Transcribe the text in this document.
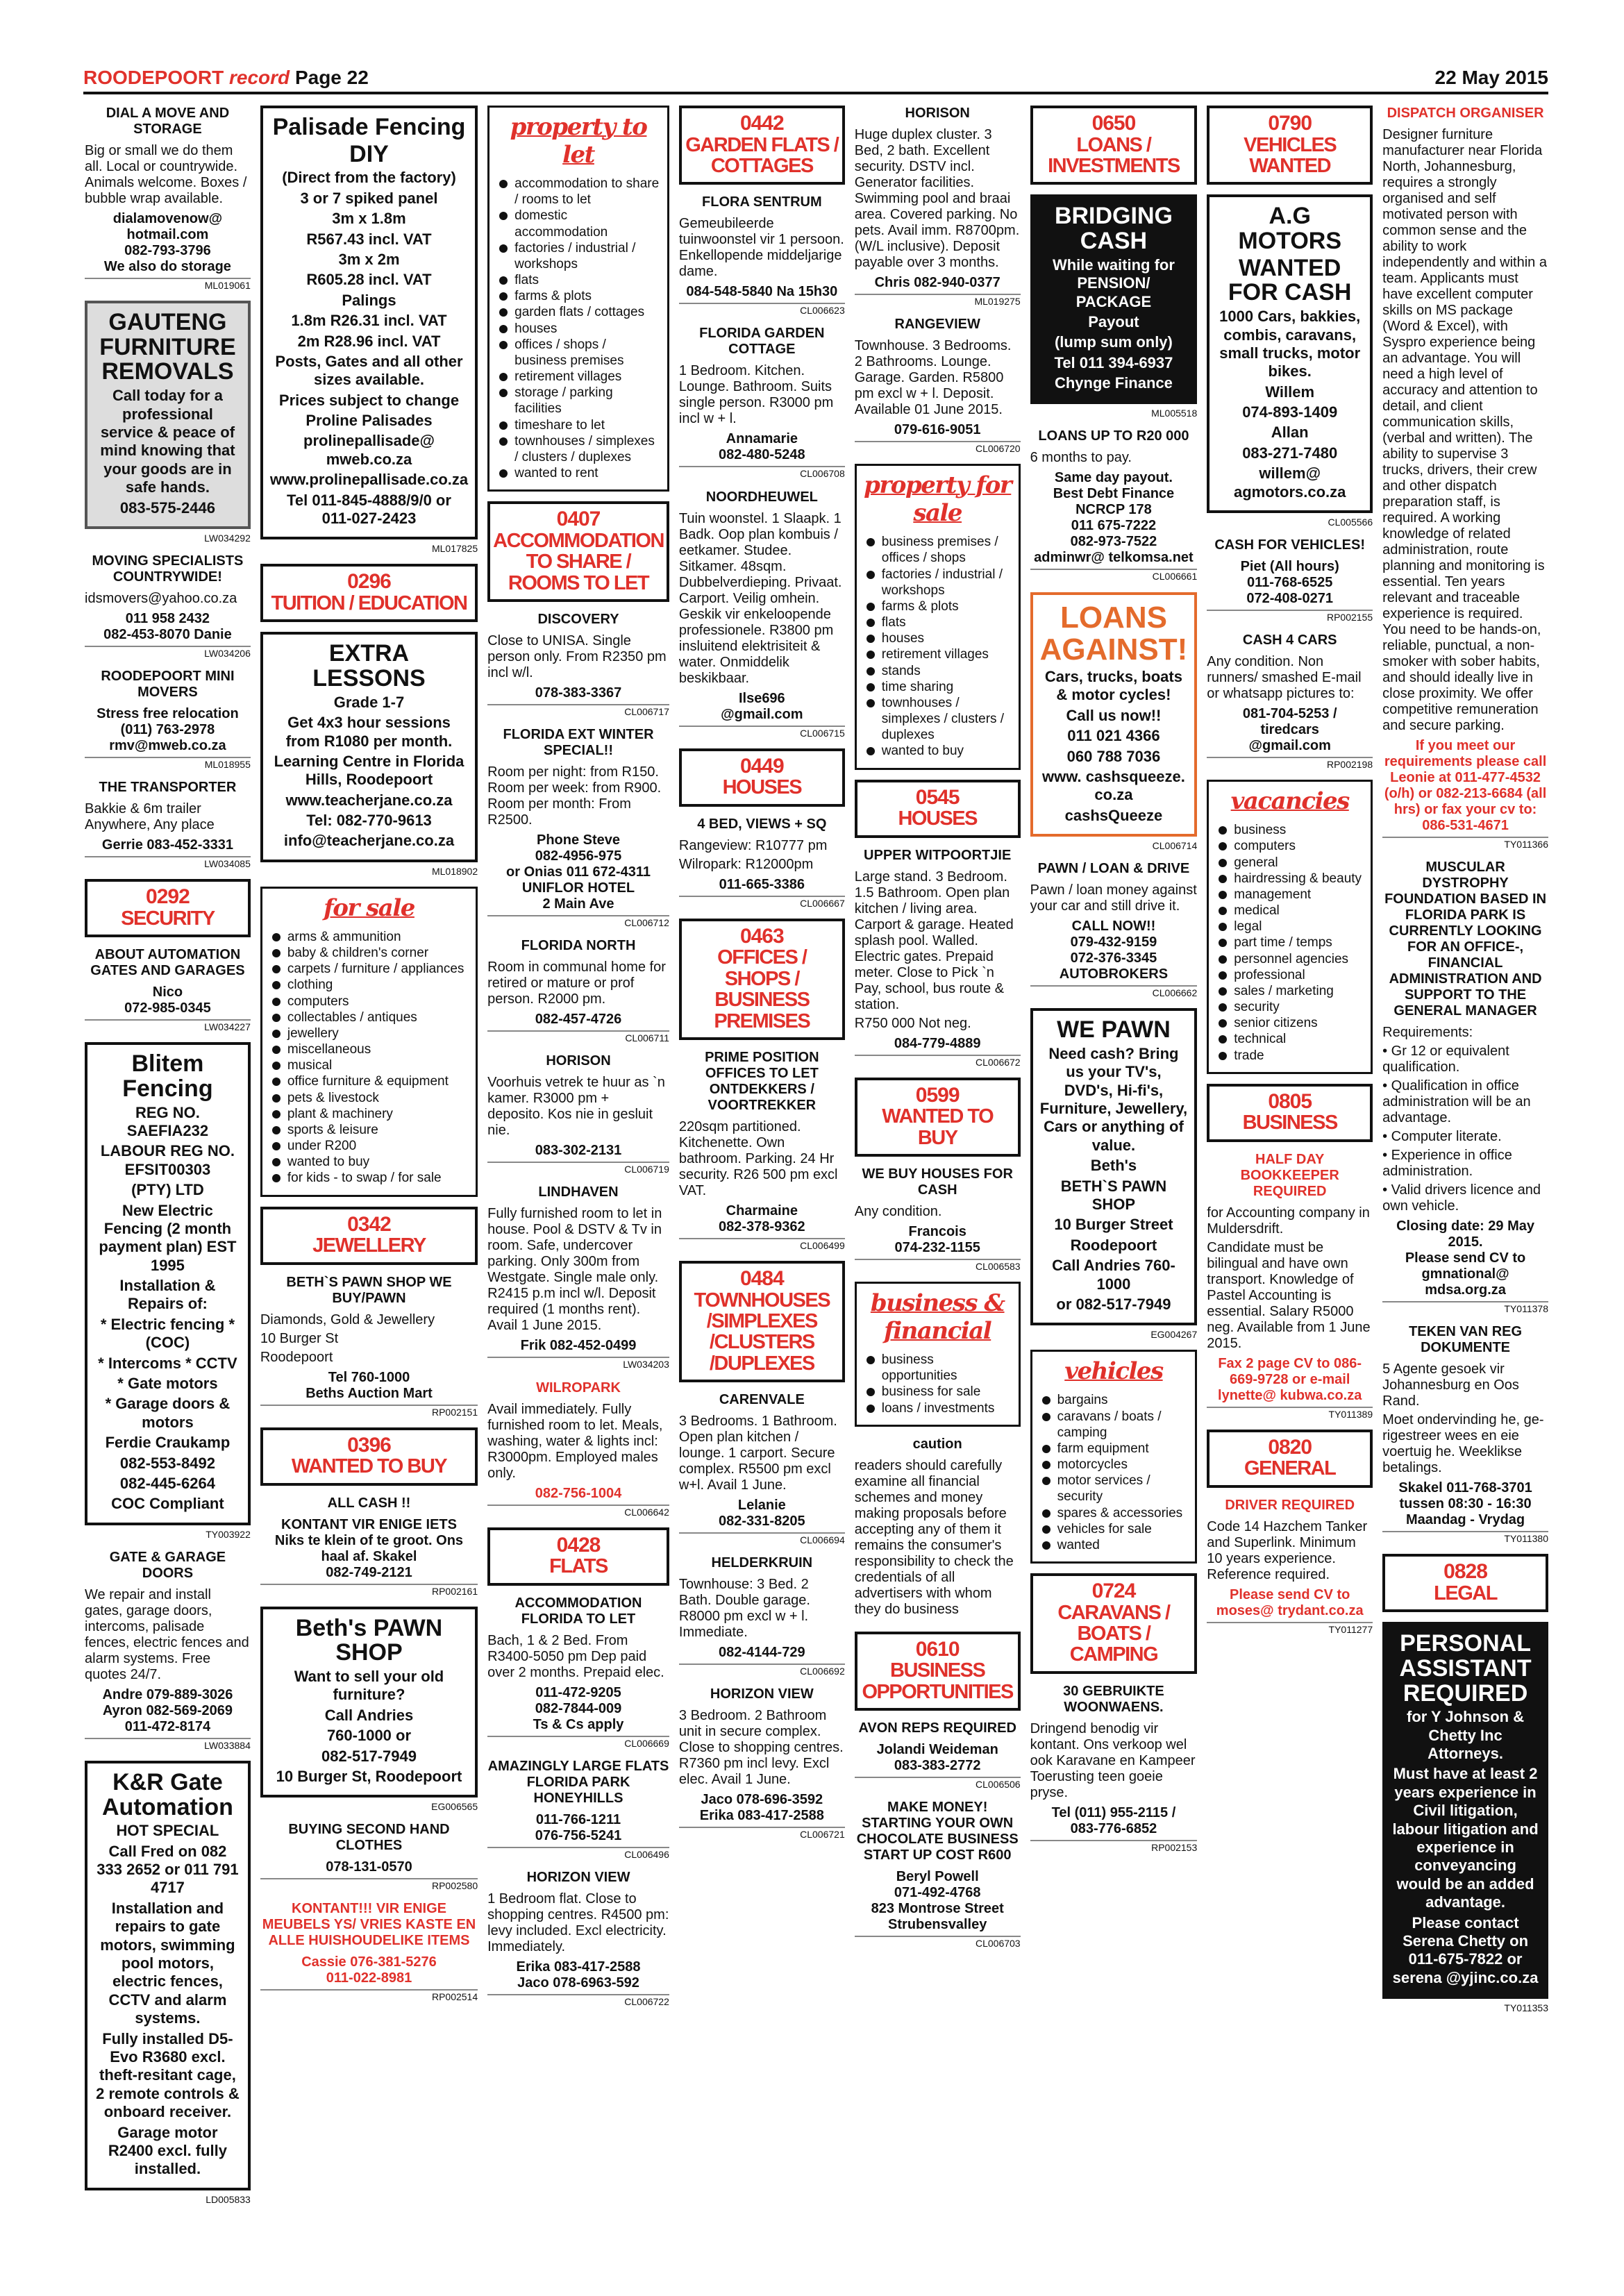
ROODEPOORT record Page 22	22 May 2015
DIAL A MOVE AND STORAGE

Big or small we do them all. Local or countrywide. Animals welcome. Boxes / bubble wrap available.

dialamovenow@ hotmail.com
082-793-3796
We also do storage
ML019061
GAUTENG FURNITURE REMOVALS
Call today for a professional service & peace of mind knowing that your goods are in safe hands.
083-575-2446
LW034292
MOVING SPECIALISTS COUNTRYWIDE!

idsmovers@yahoo.co.za

011 958 2432
082-453-8070 Danie
LW034206
ROODEPOORT MINI MOVERS
Stress free relocation
(011) 763-2978
rmv@mweb.co.za
ML018955
THE TRANSPORTER

Bakkie & 6m trailer Anywhere, Any place

Gerrie 083-452-3331
LW034085
0292
SECURITY
ABOUT AUTOMATION GATES AND GARAGES
Nico
072-985-0345
LW034227
Blitem Fencing
REG NO. SAEFIA232
LABOUR REG NO. EFSIT00303
(PTY) LTD
New Electric Fencing (2 month payment plan) EST 1995
Installation & Repairs of:
* Electric fencing * (COC)
* Intercoms * CCTV
* Gate motors
* Garage doors & motors
Ferdie Craukamp
082-553-8492
082-445-6264
COC Compliant
TY003922
GATE & GARAGE DOORS

We repair and install gates, garage doors, intercoms, palisade fences, electric fences and alarm systems. Free quotes 24/7.

Andre 079-889-3026
Ayron 082-569-2069
011-472-8174
LW033884
K&R Gate Automation
HOT SPECIAL
Call Fred on 082 333 2652 or 011 791 4717
Installation and repairs to gate motors, swimming pool motors, electric fences, CCTV and alarm systems.
Fully installed D5-Evo R3680 excl. theft-resitant cage, 2 remote controls & onboard receiver.
Garage motor R2400 excl. fully installed.
LD005833
Palisade Fencing
DIY
(Direct from the factory)
3 or 7 spiked panel
3m x 1.8m
R567.43 incl. VAT
3m x 2m
R605.28 incl. VAT
Palings
1.8m R26.31 incl. VAT
2m R28.96 incl. VAT
Posts, Gates and all other sizes available.
Prices subject to change
Proline Palisades
prolinepallisade@ mweb.co.za
www.prolinepallisade.co.za
Tel 011-845-4888/9/0 or 011-027-2423
ML017825
0296
TUITION / EDUCATION
EXTRA LESSONS
Grade 1-7
Get 4x3 hour sessions from R1080 per month.
Learning Centre in Florida Hills, Roodepoort
www.teacherjane.co.za
Tel: 082-770-9613
info@teacherjane.co.za
ML018902
for sale
arms & ammunition
baby & children's corner
carpets / furniture / appliances
clothing
computers
collectables / antiques
jewellery
miscellaneous
musical
office furniture & equipment
pets & livestock
plant & machinery
sports & leisure
under R200
wanted to buy
for kids - to swap / for sale
0342
JEWELLERY
BETH`S PAWN SHOP WE BUY/PAWN

Diamonds, Gold & Jewellery

10 Burger St

Roodepoort

Tel 760-1000
Beths Auction Mart
RP002151
0396
WANTED TO BUY
ALL CASH !!
KONTANT VIR ENIGE IETS
Niks te klein of te groot. Ons haal af. Skakel
082-749-2121
RP002161
Beth's PAWN SHOP
Want to sell your old furniture?
Call Andries
760-1000 or
082-517-7949
10 Burger St, Roodepoort
EG006565
BUYING SECOND HAND CLOTHES
078-131-0570
RP002580
KONTANT!!! VIR ENIGE MEUBELS YS/ VRIES KASTE EN ALLE HUISHOUDELIKE ITEMS
Cassie 076-381-5276
011-022-8981
RP002514
property to let
accommodation to share / rooms to let
domestic accommodation
factories / industrial / workshops
flats
farms & plots
garden flats / cottages
houses
offices / shops / business premises
retirement villages
storage / parking facilities
timeshare to let
townhouses / simplexes / clusters / duplexes
wanted to rent
0407
ACCOMMODATION TO SHARE / ROOMS TO LET
DISCOVERY

Close to UNISA. Single person only. From R2350 pm incl w/l.

078-383-3367
CL006717
FLORIDA EXT WINTER SPECIAL!!

Room per night: from R150. Room per week: from R900. Room per month: From R2500.

Phone Steve
082-4956-975
or Onias 011 672-4311
UNIFLOR HOTEL
2 Main Ave
CL006712
FLORIDA NORTH

Room in communal home for retired or mature or prof person. R2000 pm.

082-457-4726
CL006711
HORISON

Voorhuis vetrek te huur as `n kamer. R3000 pm + deposito. Kos nie in gesluit nie.

083-302-2131
CL006719
LINDHAVEN

Fully furnished room to let in house. Pool & DSTV & Tv in room. Safe, undercover parking. Only 300m from Westgate. Single male only. R2415 p.m incl w/l. Deposit required (1 months rent). Avail 1 June 2015.

Frik 082-452-0499
LW034203
WILROPARK

Avail immediately. Fully furnished room to let. Meals, washing, water & lights incl: R3000pm. Employed males only.

082-756-1004
CL006642
0428
FLATS
ACCOMMODATION FLORIDA TO LET

Bach, 1 & 2 Bed. From R3400-5050 pm Dep paid over 2 months. Prepaid elec.

011-472-9205
082-7844-009
Ts & Cs apply
CL006669
AMAZINGLY LARGE FLATS FLORIDA PARK HONEYHILLS
011-766-1211
076-756-5241
CL006496
HORIZON VIEW

1 Bedroom flat. Close to shopping centres. R4500 pm: levy included. Excl electricity. Immediately.

Erika 083-417-2588
Jaco 078-6963-592
CL006722
0442
GARDEN FLATS / COTTAGES
FLORA SENTRUM

Gemeubileerde tuinwoonstel vir 1 persoon. Enkellopende middeljarige dame.

084-548-5840 Na 15h30
CL006623
FLORIDA GARDEN COTTAGE

1 Bedroom. Kitchen. Lounge. Bathroom. Suits single person. R3000 pm incl w + l.

Annamarie
082-480-5248
CL006708
NOORDHEUWEL

Tuin woonstel. 1 Slaapk. 1 Badk. Oop plan kombuis / eetkamer. Studee. Sitkamer. 48sqm. Dubbelverdieping. Privaat. Carport. Veilig omhein. Geskik vir enkeloopende professionele. R3800 pm insluitend elektrisiteit & water. Onmiddelik beskikbaar.

Ilse696
@gmail.com
CL006715
0449
HOUSES
4 BED, VIEWS + SQ

Rangeview: R10777 pm

Wilropark: R12000pm

011-665-3386
CL006667
0463
OFFICES / SHOPS / BUSINESS PREMISES
PRIME POSITION OFFICES TO LET ONTDEKKERS / VOORTREKKER

220sqm partitioned. Kitchenette. Own bathroom. Parking. 24 Hr security. R26 500 pm excl VAT.

Charmaine
082-378-9362
CL006499
0484
TOWNHOUSES /SIMPLEXES /CLUSTERS /DUPLEXES
CARENVALE

3 Bedrooms. 1 Bathroom. Open plan kitchen / lounge. 1 carport. Secure complex. R5500 pm excl w+l. Avail 1 June.

Lelanie
082-331-8205
CL006694
HELDERKRUIN

Townhouse: 3 Bed. 2 Bath. Double garage. R8000 pm excl w + l. Immediate.

082-4144-729
CL006692
HORIZON VIEW

3 Bedroom. 2 Bathroom unit in secure complex. Close to shopping centres. R7360 pm incl levy. Excl elec. Avail 1 June.

Jaco 078-696-3592
Erika 083-417-2588
CL006721
HORISON

Huge duplex cluster. 3 Bed, 2 bath. Excellent security. DSTV incl. Generator facilities. Swimming pool and braai area. Covered parking. No pets. Avail imm. R8700pm. (W/L inclusive). Deposit payable over 3 months.

Chris 082-940-0377
ML019275
RANGEVIEW

Townhouse. 3 Bedrooms. 2 Bathrooms. Lounge. Garage. Garden. R5800 pm excl w + l. Deposit. Available 01 June 2015.

079-616-9051
CL006720
property for sale
business premises / offices / shops
factories / industrial / workshops
farms & plots
flats
houses
retirement villages
stands
time sharing
townhouses / simplexes / clusters / duplexes
wanted to buy
0545
HOUSES
UPPER WITPOORTJIE

Large stand. 3 Bedroom. 1.5 Bathroom. Open plan kitchen / living area. Carport & garage. Heated splash pool. Walled. Electric gates. Prepaid meter. Close to Pick `n Pay, school, bus route & station.

R750 000 Not neg.

084-779-4889
CL006672
0599
WANTED TO BUY
WE BUY HOUSES FOR CASH

Any condition.

Francois
074-232-1155
CL006583
business & financial
business opportunities
business for sale
loans / investments
caution

readers should carefully examine all financial schemes and money making proposals before accepting any of them it remains the consumer's responsibility to check the credentials of all advertisers with whom they do business

0610
BUSINESS OPPORTUNITIES
AVON REPS REQUIRED
Jolandi Weideman
083-383-2772
CL006506
MAKE MONEY! STARTING YOUR OWN CHOCOLATE BUSINESS START UP COST R600
Beryl Powell
071-492-4768
823 Montrose Street
Strubensvalley
CL006703
0650
LOANS / INVESTMENTS
BRIDGING CASH
While waiting for PENSION/ PACKAGE
Payout
(lump sum only)
Tel 011 394-6937
Chynge Finance
ML005518
LOANS UP TO R20 000

6 months to pay.

Same day payout.
Best Debt Finance
NCRCP 178
011 675-7222
082-973-7522
adminwr@ telkomsa.net
CL006661
LOANS AGAINST!
Cars, trucks, boats & motor cycles!
Call us now!!
011 021 4366
060 788 7036
www. cashsqueeze. co.za
cashsQueeze
CL006714
PAWN / LOAN & DRIVE

Pawn / loan money against your car and still drive it.

CALL NOW!!
079-432-9159
072-376-3345
AUTOBROKERS
CL006662
WE PAWN
Need cash? Bring us your TV's, DVD's, Hi-fi's, Furniture, Jewellery, Cars or anything of value.
Beth's
BETH`S PAWN SHOP
10 Burger Street
Roodepoort
Call Andries 760-1000
or 082-517-7949
EG004267
vehicles
bargains
caravans / boats / camping
farm equipment
motorcycles
motor services / security
spares & accessories
vehicles for sale
wanted
0724
CARAVANS / BOATS / CAMPING
30 GEBRUIKTE WOONWAENS.

Dringend benodig vir kontant. Ons verkoop wel ook Karavane en Kampeer Toerusting teen goeie pryse.

Tel (011) 955-2115 /
083-776-6852
RP002153
0790
VEHICLES WANTED
A.G MOTORS
WANTED FOR CASH
1000 Cars, bakkies, combis, caravans, small trucks, motor bikes.
Willem
074-893-1409
Allan
083-271-7480
willem@ agmotors.co.za
CL005566
CASH FOR VEHICLES!
Piet (All hours)
011-768-6525
072-408-0271
RP002155
CASH 4 CARS

Any condition. Non runners/ smashed E-mail or whatsapp pictures to:

081-704-5253 /
tiredcars
@gmail.com
RP002198
vacancies
business
computers
general
hairdressing & beauty
management
medical
legal
part time / temps
personnel agencies
professional
sales / marketing
security
senior citizens
technical
trade
0805
BUSINESS
HALF DAY BOOKKEEPER REQUIRED

for Accounting company in Muldersdrift.

Candidate must be bilingual and have own transport. Knowledge of Pastel Accounting is essential. Salary R5000 neg. Available from 1 June 2015.

Fax 2 page CV to 086-669-9728 or e-mail lynette@ kubwa.co.za
TY011389
0820
GENERAL
DRIVER REQUIRED

Code 14 Hazchem Tanker and Superlink. Minimum 10 years experience. Reference required.

Please send CV to moses@ trydant.co.za
TY011277
DISPATCH ORGANISER

Designer furniture manufacturer near Florida North, Johannesburg, requires a strongly organised and self motivated person with common sense and the ability to work independently and within a team. Applicants must have excellent computer skills on MS package (Word & Excel), with Syspro experience being an advantage. You will need a high level of accuracy and attention to detail, and client communication skills, (verbal and written). The ability to supervise 3 trucks, drivers, their crew and other dispatch preparation staff, is required. A working knowledge of related administration, route planning and monitoring is essential. Ten years relevant and traceable experience is required. You need to be hands-on, reliable, punctual, a non-smoker with sober habits, and should ideally live in close proximity. We offer competitive remuneration and secure parking.

If you meet our requirements please call Leonie at 011-477-4532 (o/h) or 082-213-6684 (all hrs) or fax your cv to: 086-531-4671
TY011366
MUSCULAR DYSTROPHY FOUNDATION BASED IN FLORIDA PARK IS CURRENTLY LOOKING FOR AN OFFICE-, FINANCIAL ADMINISTRATION AND SUPPORT TO THE GENERAL MANAGER

Requirements:

• Gr 12 or equivalent qualification.

• Qualification in office administration will be an advantage.

• Computer literate.

• Experience in office administration.

• Valid drivers licence and own vehicle.

Closing date: 29 May 2015.
Please send CV to
gmnational@ mdsa.org.za
TY011378
TEKEN VAN REG DOKUMENTE

5 Agente gesoek vir Johannesburg en Oos Rand.

Moet ondervinding he, ge-rigestreer wees en eie voertuig he. Weeklikse betalings.

Skakel 011-768-3701 tussen 08:30 - 16:30 Maandag - Vrydag
TY011380
0828
LEGAL
PERSONAL ASSISTANT REQUIRED
for Y Johnson & Chetty Inc Attorneys.
Must have at least 2 years experience in Civil litigation, labour litigation and experience in conveyancing would be an added advantage.
Please contact Serena Chetty on 011-675-7822 or serena @yjinc.co.za
TY011353
